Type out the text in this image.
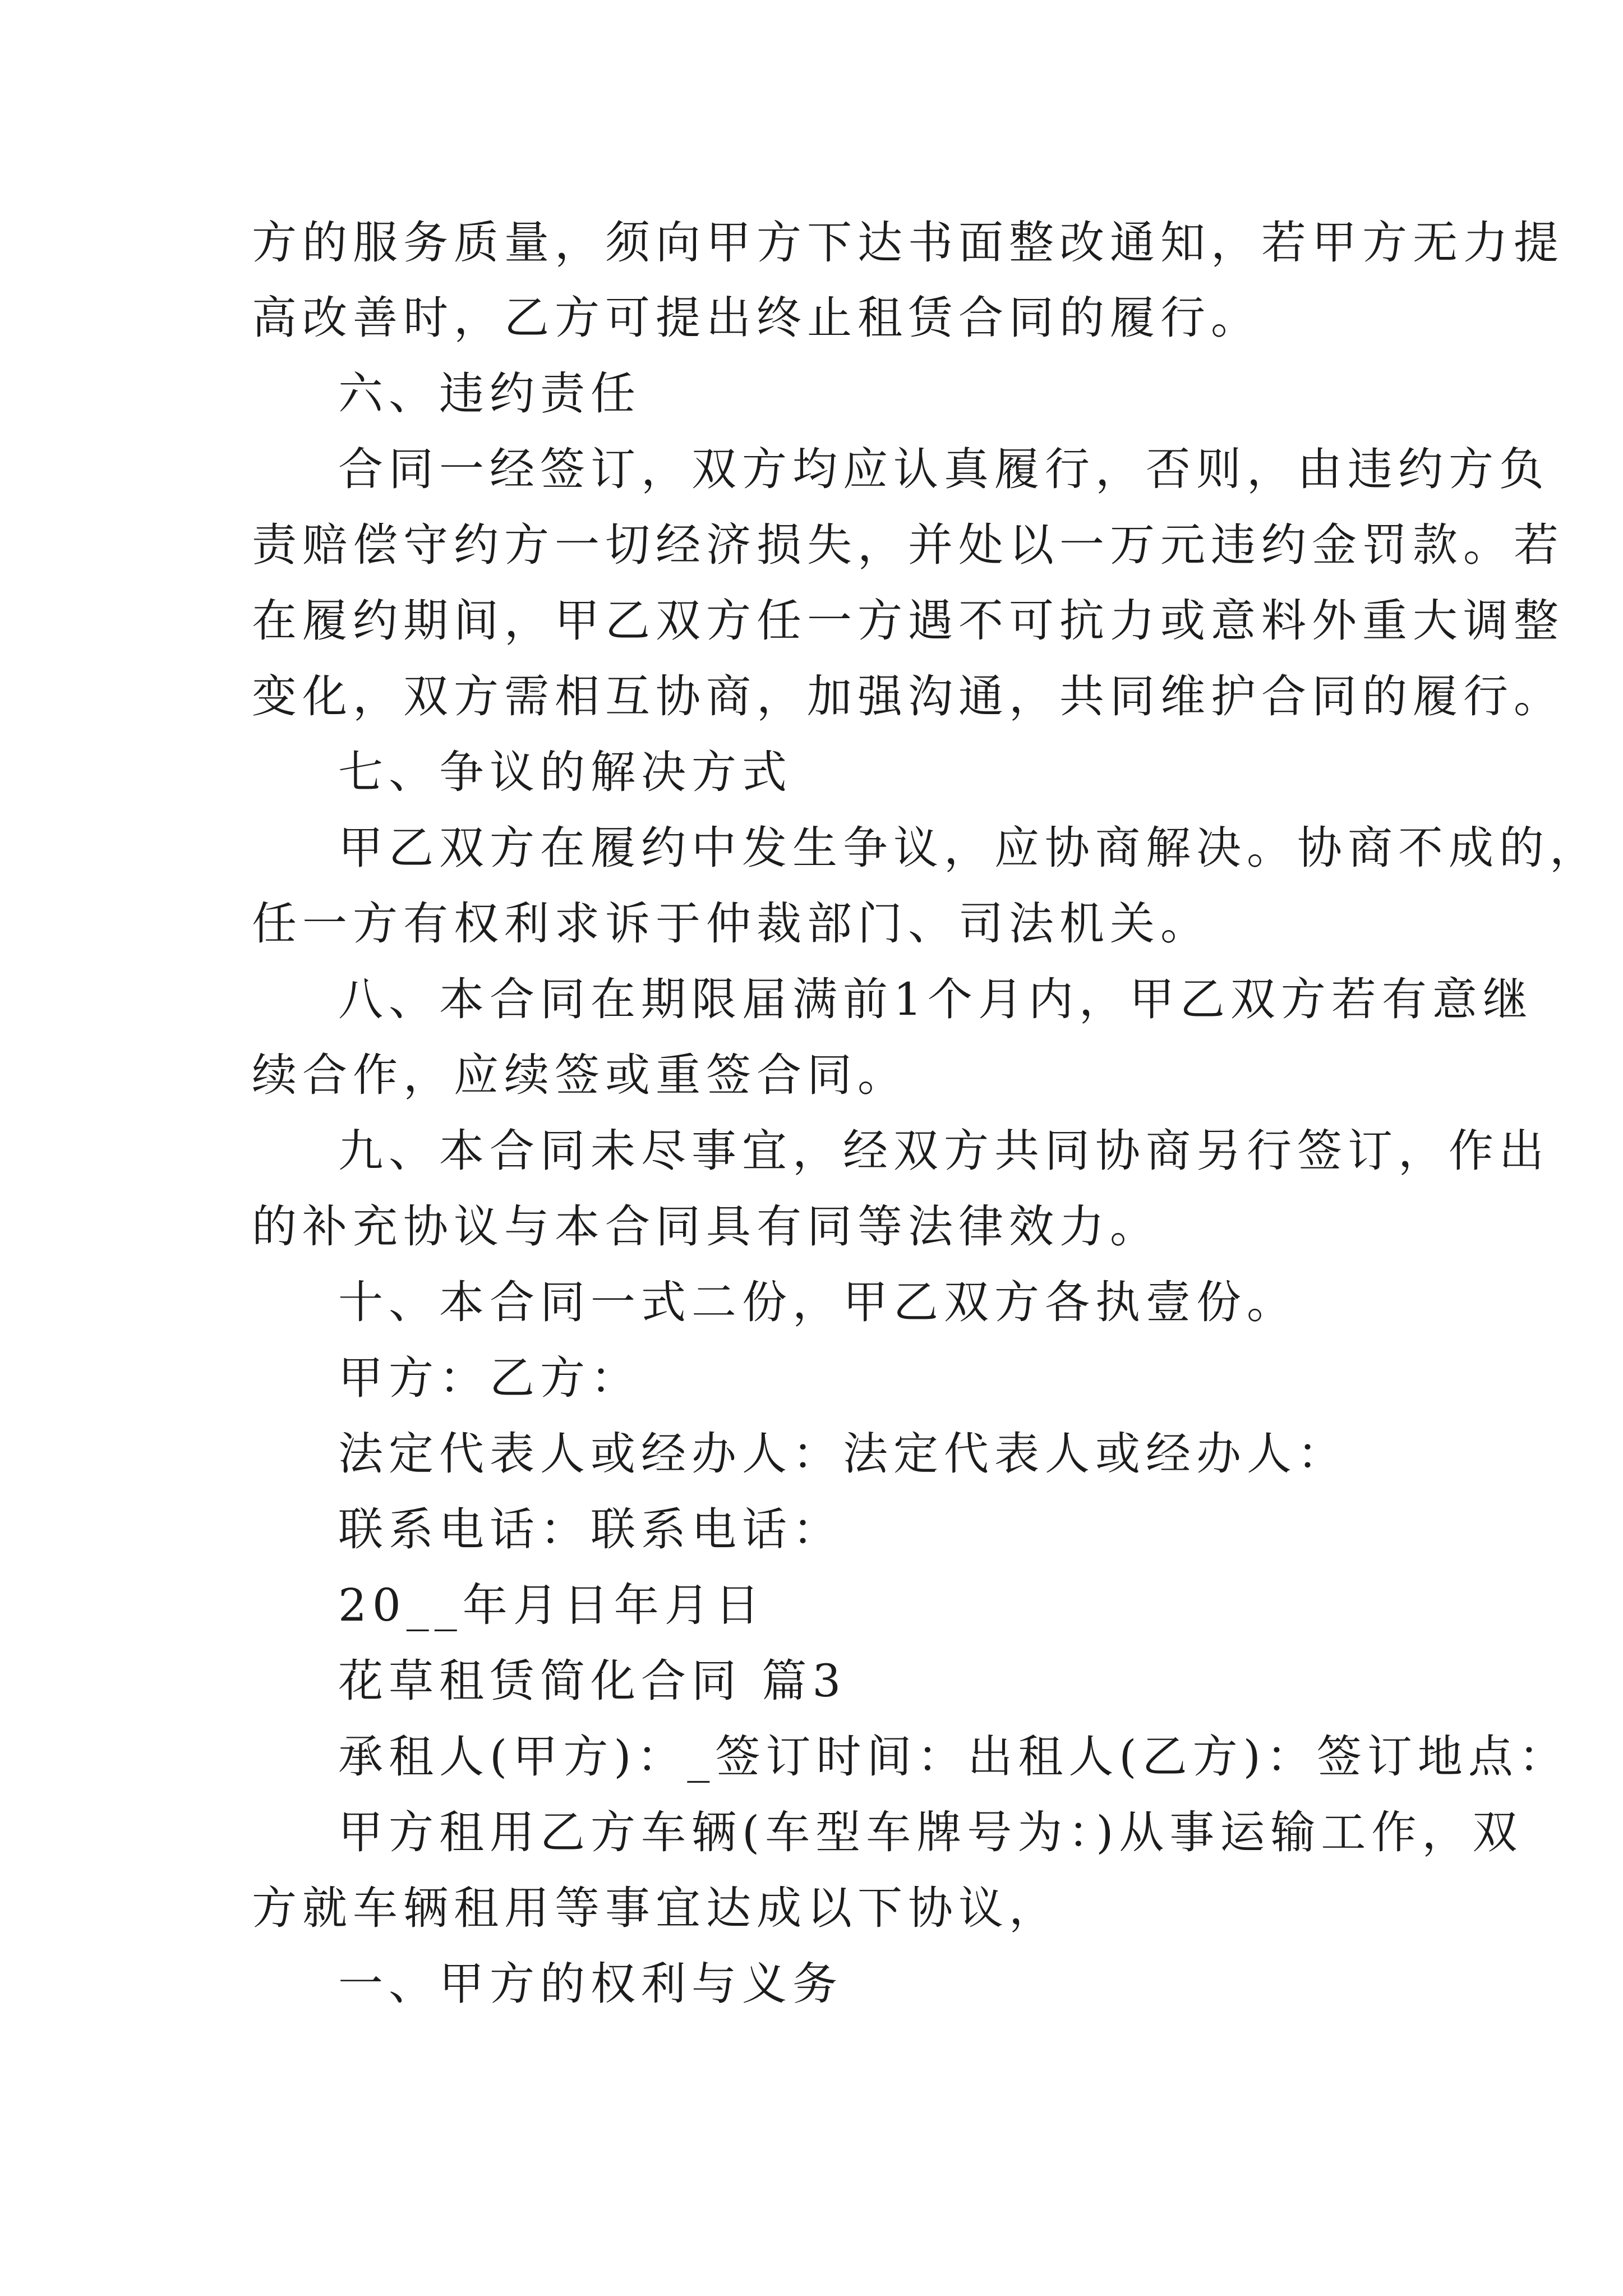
方的服务质量，须向甲方下达书面整改通知，若甲方无力提
高改善时，乙方可提出终止租赁合同的履行。
六、违约责任
合同一经签订，双方均应认真履行，否则，由违约方负
责赔偿守约方一切经济损失，并处以一万元违约金罚款。若
在履约期间，甲乙双方任一方遇不可抗力或意料外重大调整
变化，双方需相互协商，加强沟通，共同维护合同的履行。
七、争议的解决方式
甲乙双方在履约中发生争议，应协商解决。协商不成的，
任一方有权利求诉于仲裁部门、司法机关。
八、本合同在期限届满前1个月内，甲乙双方若有意继
续合作，应续签或重签合同。
九、本合同未尽事宜，经双方共同协商另行签订，作出
的补充协议与本合同具有同等法律效力。
十、本合同一式二份，甲乙双方各执壹份。
甲方：乙方：
法定代表人或经办人：法定代表人或经办人：
联系电话：联系电话：
20__年月日年月日
花草租赁简化合同 篇3
承租人(甲方)：_签订时间：出租人(乙方)：签订地点：
甲方租用乙方车辆(车型车牌号为：)从事运输工作，双
方就车辆租用等事宜达成以下协议，
一、甲方的权利与义务
